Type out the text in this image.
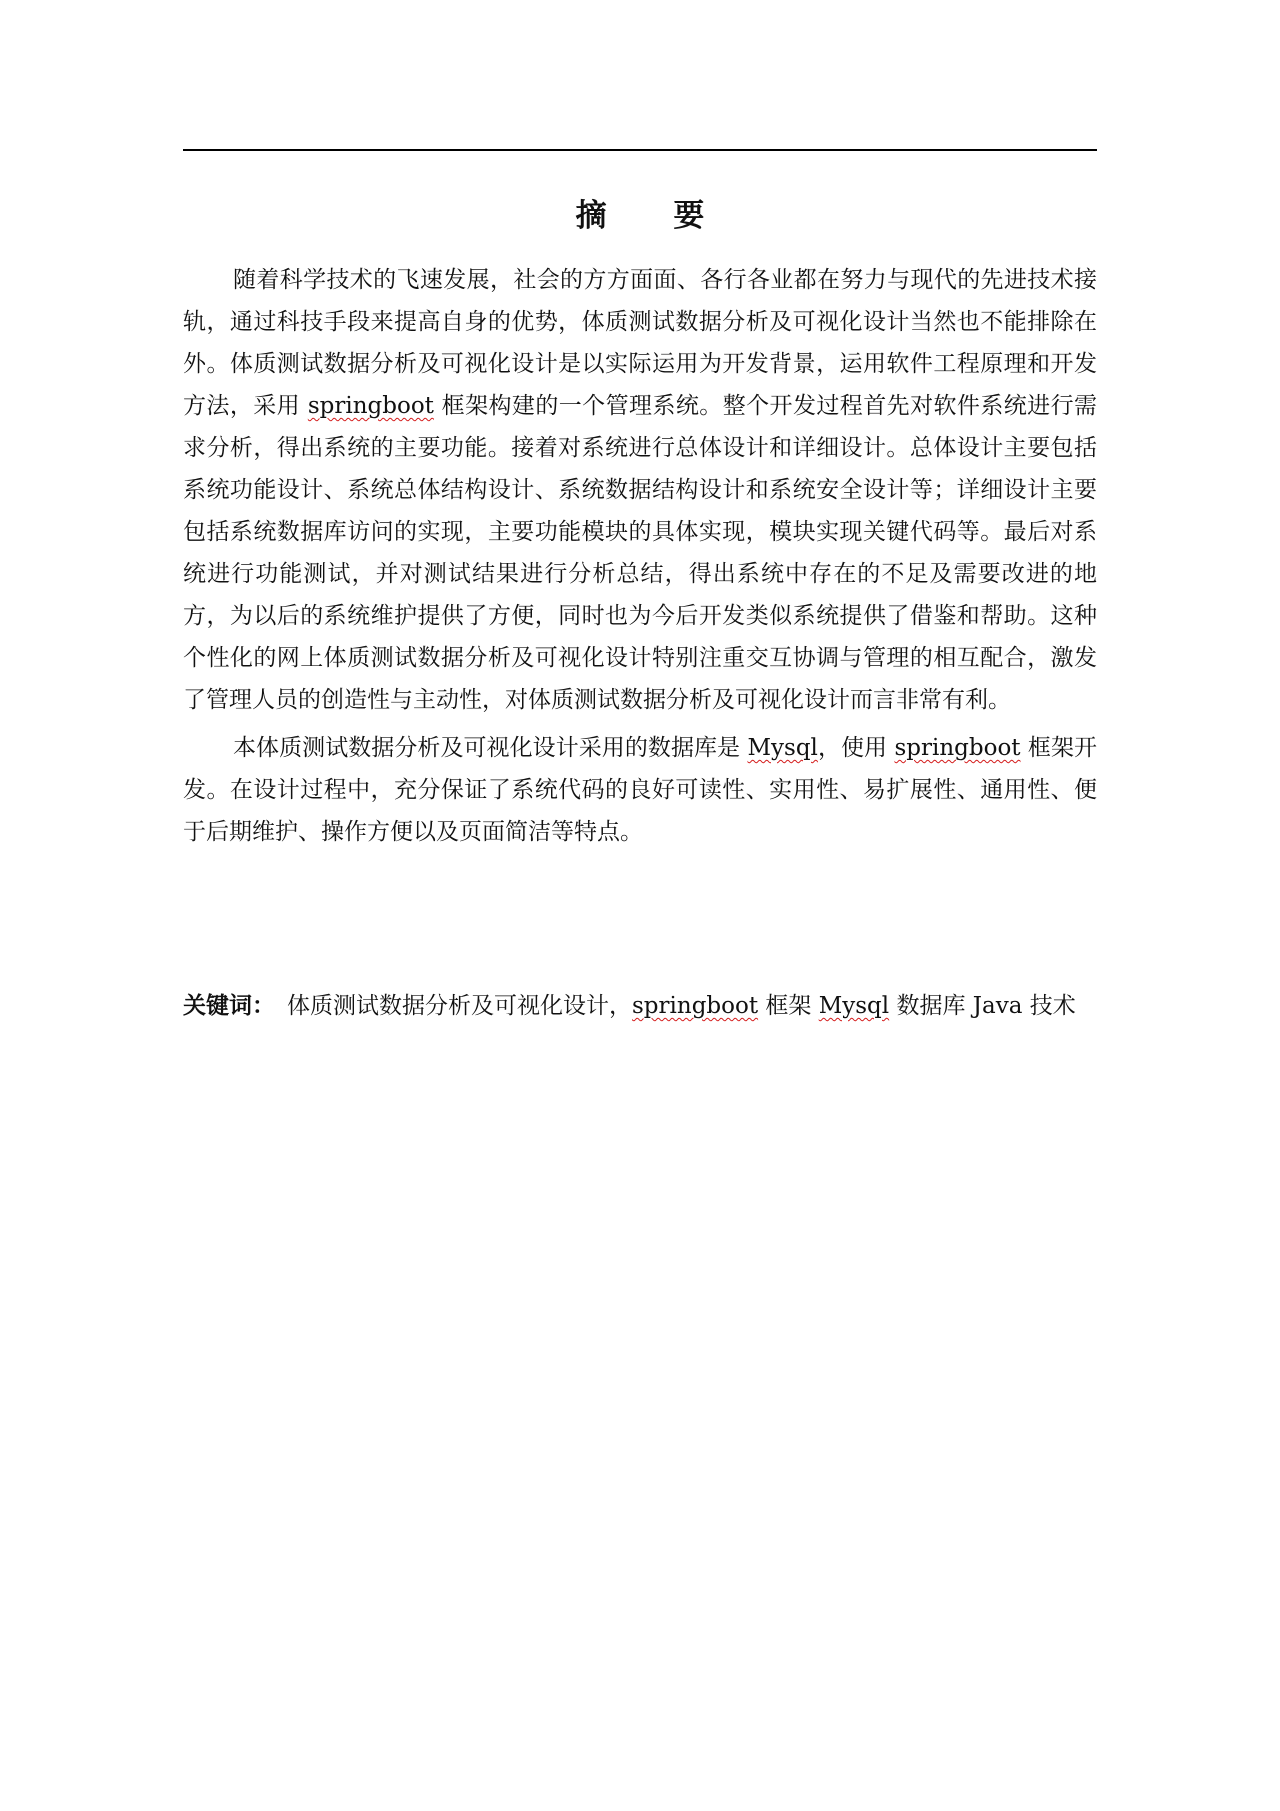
摘 要

随着科学技术的飞速发展，社会的方方面面、各行各业都在努力与现代的先进技术接轨，通过科技手段来提高自身的优势，体质测试数据分析及可视化设计当然也不能排除在外。体质测试数据分析及可视化设计是以实际运用为开发背景，运用软件工程原理和开发方法，采用 springboot 框架构建的一个管理系统。整个开发过程首先对软件系统进行需求分析，得出系统的主要功能。接着对系统进行总体设计和详细设计。总体设计主要包括系统功能设计、系统总体结构设计、系统数据结构设计和系统安全设计等；详细设计主要包括系统数据库访问的实现，主要功能模块的具体实现，模块实现关键代码等。最后对系统进行功能测试，并对测试结果进行分析总结，得出系统中存在的不足及需要改进的地方，为以后的系统维护提供了方便，同时也为今后开发类似系统提供了借鉴和帮助。这种个性化的网上体质测试数据分析及可视化设计特别注重交互协调与管理的相互配合，激发了管理人员的创造性与主动性，对体质测试数据分析及可视化设计而言非常有利。

本体质测试数据分析及可视化设计采用的数据库是 Mysql，使用 springboot 框架开发。在设计过程中，充分保证了系统代码的良好可读性、实用性、易扩展性、通用性、便于后期维护、操作方便以及页面简洁等特点。

关键词： 体质测试数据分析及可视化设计，springboot 框架 Mysql 数据库 Java 技术
